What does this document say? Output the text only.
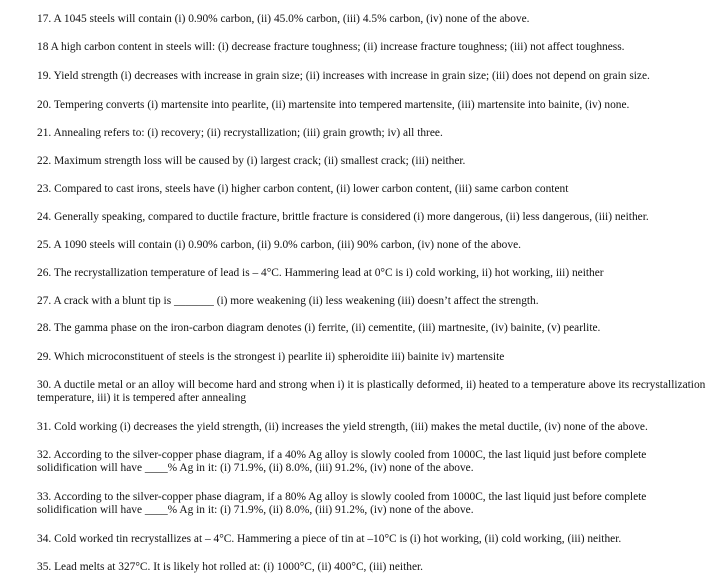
17. A 1045 steels will contain (i) 0.90% carbon, (ii) 45.0% carbon, (iii) 4.5% carbon, (iv) none of the above.
18 A high carbon content in steels will: (i) decrease fracture toughness; (ii) increase fracture toughness; (iii) not affect toughness.
19. Yield strength (i) decreases with increase in grain size; (ii) increases with increase in grain size; (iii) does not depend on grain size.
20. Tempering converts (i) martensite into pearlite, (ii) martensite into tempered martensite, (iii) martensite into bainite, (iv) none.
21. Annealing refers to: (i) recovery; (ii) recrystallization; (iii) grain growth; iv) all three.
22. Maximum strength loss will be caused by (i) largest crack; (ii) smallest crack; (iii) neither.
23. Compared to cast irons, steels have (i) higher carbon content, (ii) lower carbon content, (iii) same carbon content
24. Generally speaking, compared to ductile fracture, brittle fracture is considered (i) more dangerous, (ii) less dangerous, (iii) neither.
25. A 1090 steels will contain (i) 0.90% carbon, (ii) 9.0% carbon, (iii) 90% carbon, (iv) none of the above.
26. The recrystallization temperature of lead is – 4°C. Hammering lead at 0°C is i) cold working, ii) hot working, iii) neither
27. A crack with a blunt tip is _______ (i) more weakening (ii) less weakening (iii) doesn’t affect the strength.
28. The gamma phase on the iron-carbon diagram denotes (i) ferrite, (ii) cementite, (iii) martnesite, (iv) bainite, (v) pearlite.
29. Which microconstituent of steels is the strongest i) pearlite ii) spheroidite iii) bainite iv) martensite
30. A ductile metal or an alloy will become hard and strong when i) it is plastically deformed, ii) heated to a temperature above its recrystallization temperature, iii) it is tempered after annealing
31. Cold working (i) decreases the yield strength, (ii) increases the yield strength, (iii) makes the metal ductile, (iv) none of the above.
32. According to the silver-copper phase diagram, if a 40% Ag alloy is slowly cooled from 1000C, the last liquid just before complete solidification will have ____% Ag in it: (i) 71.9%, (ii) 8.0%, (iii) 91.2%, (iv) none of the above.
33. According to the silver-copper phase diagram, if a 80% Ag alloy is slowly cooled from 1000C, the last liquid just before complete solidification will have ____% Ag in it: (i) 71.9%, (ii) 8.0%, (iii) 91.2%, (iv) none of the above.
34. Cold worked tin recrystallizes at – 4°C. Hammering a piece of tin at –10°C is (i) hot working, (ii) cold working, (iii) neither.
35. Lead melts at 327°C. It is likely hot rolled at: (i) 1000°C, (ii) 400°C, (iii) neither.
